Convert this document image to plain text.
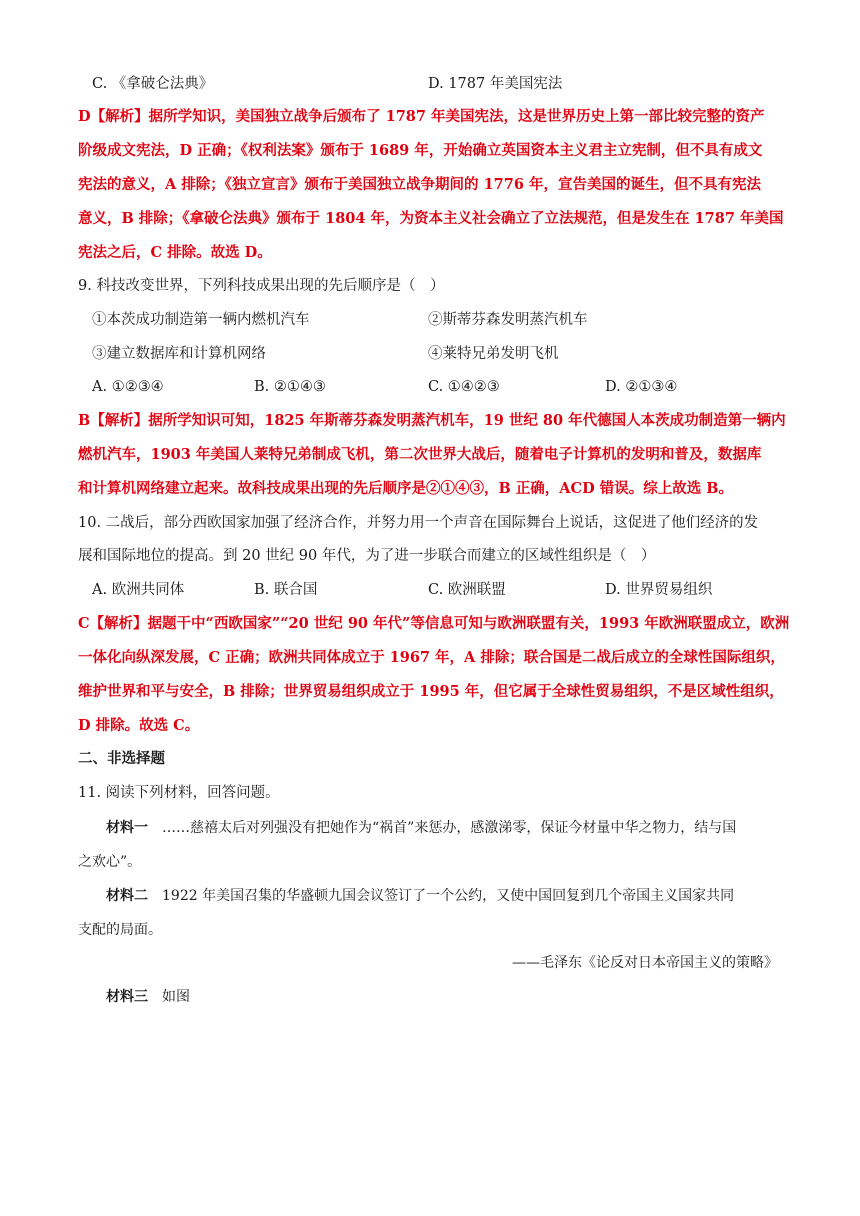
C. 《拿破仑法典》	D. 1787 年美国宪法
D【解析】据所学知识，美国独立战争后颁布了 1787 年美国宪法，这是世界历史上第一部比较完整的资产
阶级成文宪法，D 正确；《权利法案》颁布于 1689 年，开始确立英国资本主义君主立宪制，但不具有成文
宪法的意义，A 排除；《独立宣言》颁布于美国独立战争期间的 1776 年，宣告美国的诞生，但不具有宪法
意义，B 排除；《拿破仑法典》颁布于 1804 年，为资本主义社会确立了立法规范，但是发生在 1787 年美国
宪法之后，C 排除。故选 D。
9. 科技改变世界，下列科技成果出现的先后顺序是（　）
①本茨成功制造第一辆内燃机汽车	②斯蒂芬森发明蒸汽机车
③建立数据库和计算机网络	④莱特兄弟发明飞机
A. ①②③④	B. ②①④③	C. ①④②③	D. ②①③④
B【解析】据所学知识可知，1825 年斯蒂芬森发明蒸汽机车，19 世纪 80 年代德国人本茨成功制造第一辆内
燃机汽车，1903 年美国人莱特兄弟制成飞机，第二次世界大战后，随着电子计算机的发明和普及，数据库
和计算机网络建立起来。故科技成果出现的先后顺序是②①④③，B 正确，ACD 错误。综上故选 B。
10. 二战后，部分西欧国家加强了经济合作，并努力用一个声音在国际舞台上说话，这促进了他们经济的发
展和国际地位的提高。到 20 世纪 90 年代，为了进一步联合而建立的区域性组织是（　）
A. 欧洲共同体	B. 联合国	C. 欧洲联盟	D. 世界贸易组织
C【解析】据题干中“西欧国家”“20 世纪 90 年代”等信息可知与欧洲联盟有关，1993 年欧洲联盟成立，欧洲
一体化向纵深发展，C 正确；欧洲共同体成立于 1967 年，A 排除；联合国是二战后成立的全球性国际组织，
维护世界和平与安全，B 排除；世界贸易组织成立于 1995 年，但它属于全球性贸易组织，不是区域性组织，
D 排除。故选 C。
二、非选择题
11. 阅读下列材料，回答问题。
材料一 ……慈禧太后对列强没有把她作为“祸首”来惩办，感激涕零，保证今材量中华之物力，结与国
之欢心”。
材料二 1922 年美国召集的华盛顿九国会议签订了一个公约，又使中国回复到几个帝国主义国家共同
支配的局面。
——毛泽东《论反对日本帝国主义的策略》
材料三 如图
